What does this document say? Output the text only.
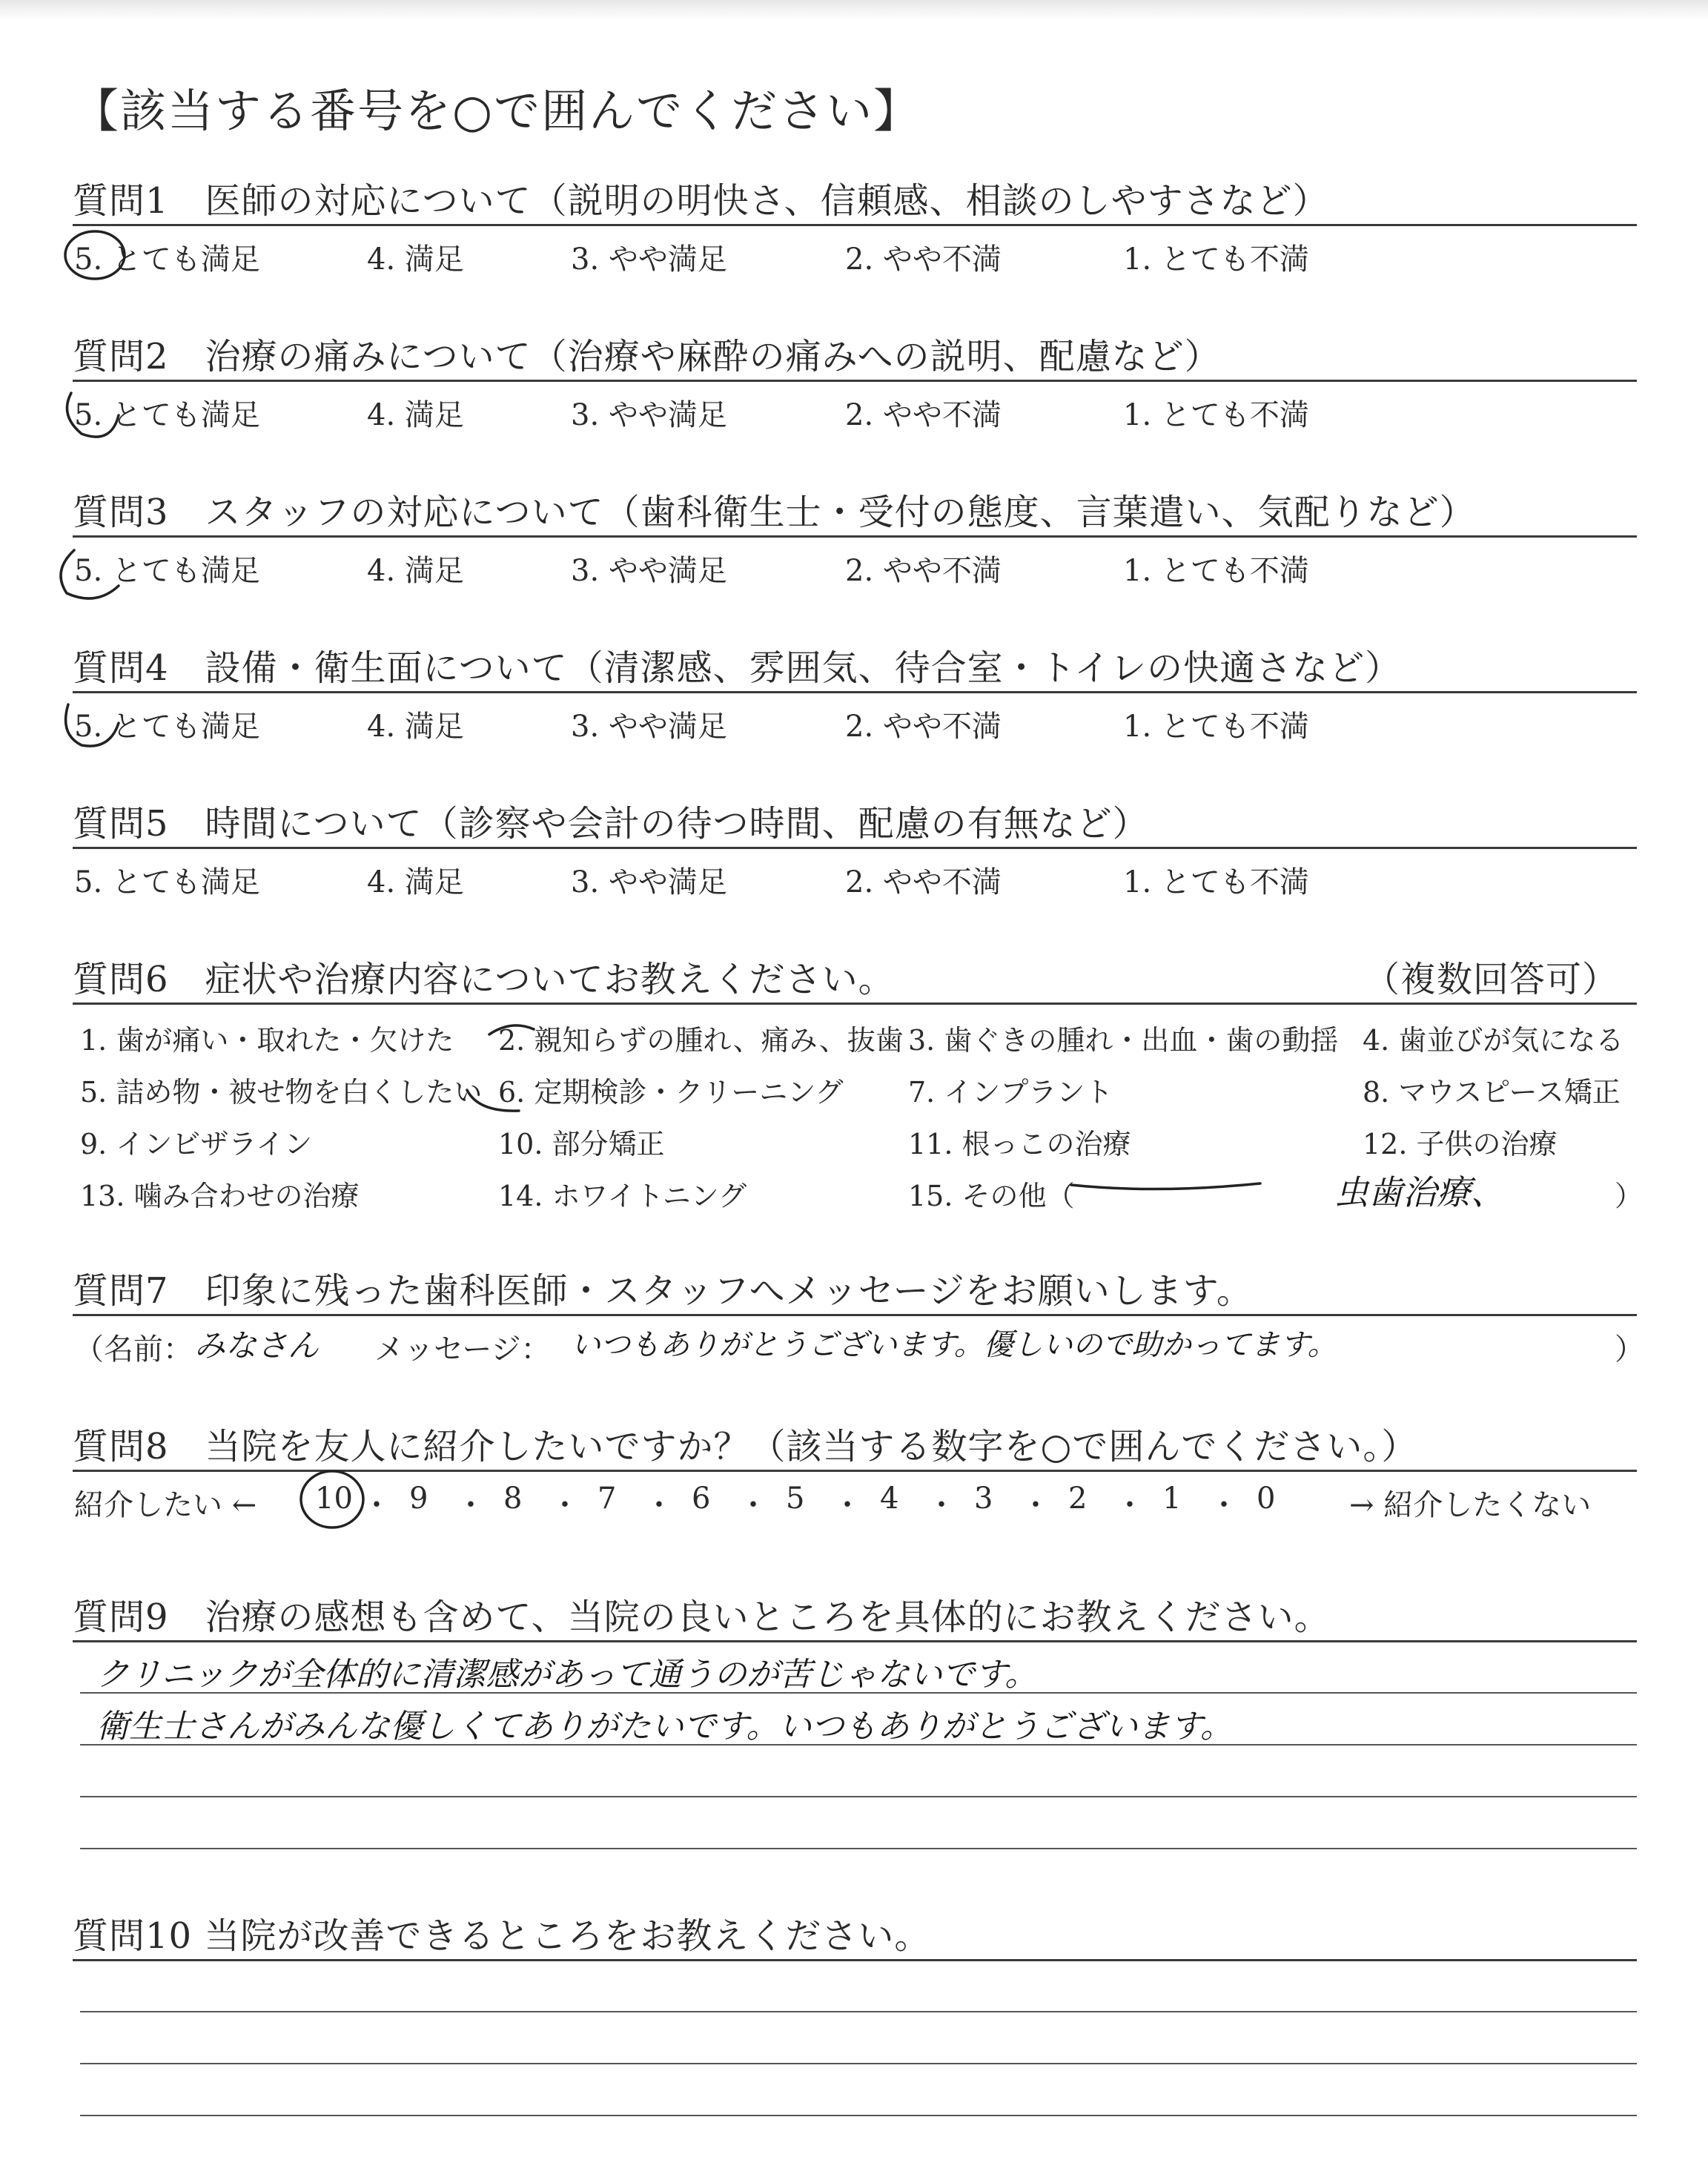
【該当する番号を○で囲んでください】
質問1　医師の対応について（説明の明快さ、信頼感、相談のしやすさなど）
5. とても満足	4. 満足	3. やや満足	2. やや不満	1. とても不満
質問2　治療の痛みについて（治療や麻酔の痛みへの説明、配慮など）
5. とても満足	4. 満足	3. やや満足	2. やや不満	1. とても不満
質問3　スタッフの対応について（歯科衛生士・受付の態度、言葉遣い、気配りなど）
5. とても満足	4. 満足	3. やや満足	2. やや不満	1. とても不満
質問4　設備・衛生面について（清潔感、雰囲気、待合室・トイレの快適さなど）
5. とても満足	4. 満足	3. やや満足	2. やや不満	1. とても不満
質問5　時間について（診察や会計の待つ時間、配慮の有無など）
5. とても満足	4. 満足	3. やや満足	2. やや不満	1. とても不満
質問6　症状や治療内容についてお教えください。	（複数回答可）
1. 歯が痛い・取れた・欠けた 2. 親知らずの腫れ、痛み、抜歯 3. 歯ぐきの腫れ・出血・歯の動揺 4. 歯並びが気になる
5. 詰め物・被せ物を白くしたい 6. 定期検診・クリーニング 7. インプラント	8. マウスピース矯正
9. インビザライン	10. 部分矯正	11. 根っこの治療	12. 子供の治療
13. 噛み合わせの治療	14. ホワイトニング	15. その他（	虫歯治療、	）
質問7　印象に残った歯科医師・スタッフへメッセージをお願いします。
（名前： みなさん メッセージ： いつもありがとうございます。優しいので助かってます。	）
質問8　当院を友人に紹介したいですか？（該当する数字を○で囲んでください。）
紹介したい ←	→ 紹介したくない
10 ・ 9 ・ 8 ・ 7 ・ 6 ・ 5 ・ 4 ・ 3 ・ 2 ・ 1 ・ 0
質問9　治療の感想も含めて、当院の良いところを具体的にお教えください。
クリニックが全体的に清潔感があって通うのが苦じゃないです。
衛生士さんがみんな優しくてありがたいです。いつもありがとうございます。
質問10 当院が改善できるところをお教えください。
